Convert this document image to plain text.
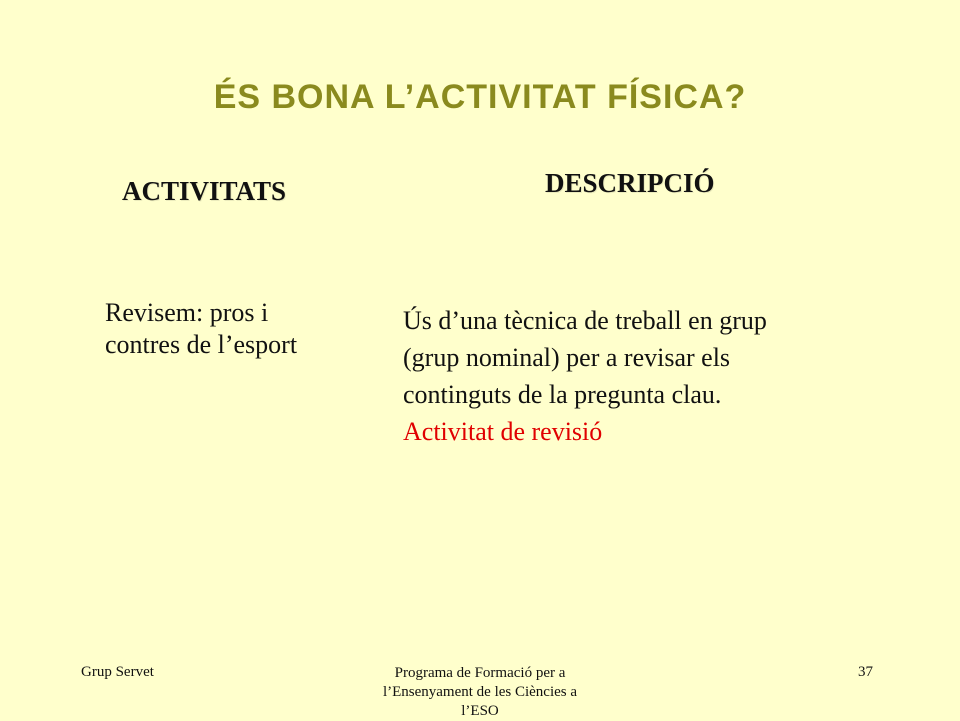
ÉS BONA L’ACTIVITAT FÍSICA?
ACTIVITATS	DESCRIPCIÓ
Revisem: pros i
contres de l’esport
Ús d’una tècnica de treball en grup
(grup nominal) per a revisar els
continguts de la pregunta clau.
Activitat de revisió
Grup Servet	Programa de Formació per a
l’Ensenyament de les Ciències a
l’ESO
37
